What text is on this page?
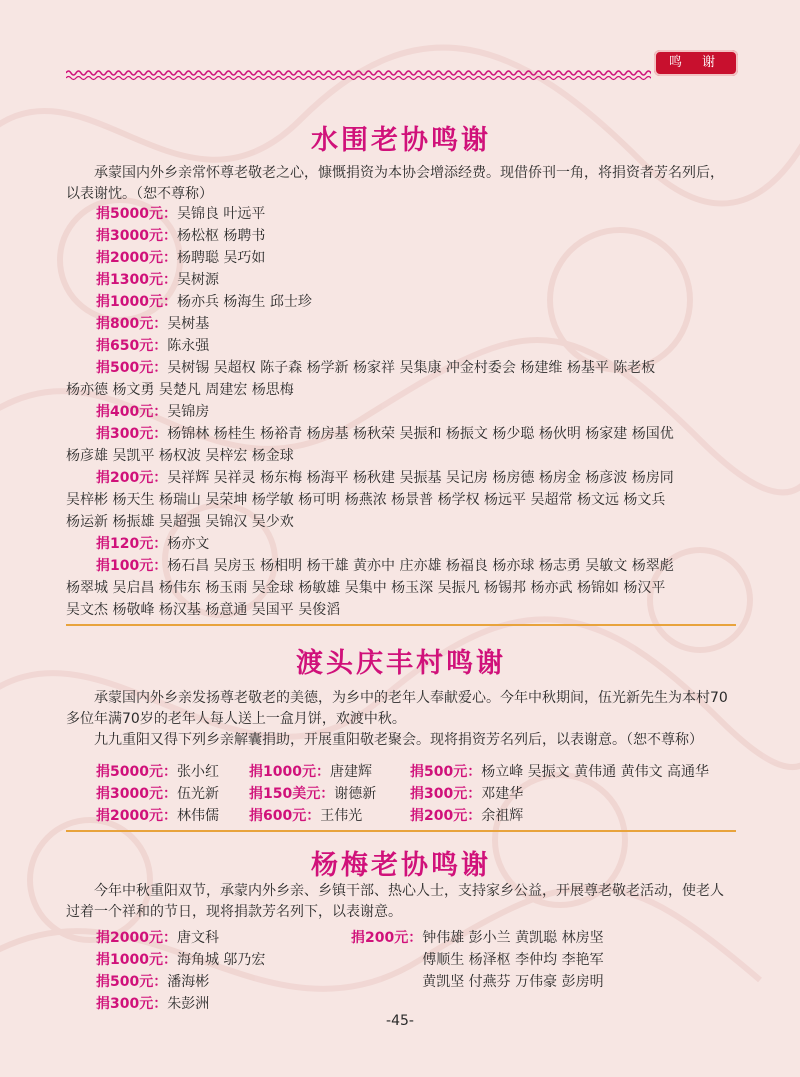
鸣 谢
水围老协鸣谢
承蒙国内外乡亲常怀尊老敬老之心，慷慨捐资为本协会增添经费。现借侨刊一角，将捐资者芳名列后，以表谢忱。（恕不尊称）
捐5000元：吴锦良 叶远平
捐3000元：杨松枢 杨聘书
捐2000元：杨聘聪 吴巧如
捐1300元：吴树源
捐1000元：杨亦兵 杨海生 邱士珍
捐800元：吴树基
捐650元：陈永强
捐500元：吴树锡 吴超权 陈子森 杨学新 杨家祥 吴集康 冲金村委会 杨建维 杨基平 陈老板
杨亦德 杨文勇 吴楚凡 周建宏 杨思梅
捐400元：吴锦房
捐300元：杨锦林 杨桂生 杨裕青 杨房基 杨秋荣 吴振和 杨振文 杨少聪 杨伙明 杨家建 杨国优
杨彦雄 吴凯平 杨权波 吴梓宏 杨金球
捐200元：吴祥辉 吴祥灵 杨东梅 杨海平 杨秋建 吴振基 吴记房 杨房德 杨房金 杨彦波 杨房同
吴梓彬 杨天生 杨瑞山 吴荣坤 杨学敏 杨可明 杨燕浓 杨景普 杨学权 杨远平 吴超常 杨文远 杨文兵
杨运新 杨振雄 吴超强 吴锦汉 吴少欢
捐120元：杨亦文
捐100元：杨石昌 吴房玉 杨相明 杨干雄 黄亦中 庄亦雄 杨福良 杨亦球 杨志勇 吴敏文 杨翠彪
杨翠城 吴启昌 杨伟东 杨玉雨 吴金球 杨敏雄 吴集中 杨玉深 吴振凡 杨锡邦 杨亦武 杨锦如 杨汉平
吴文杰 杨敬峰 杨汉基 杨意通 吴国平 吴俊滔
渡头庆丰村鸣谢
承蒙国内外乡亲发扬尊老敬老的美德，为乡中的老年人奉献爱心。今年中秋期间，伍光新先生为本村70多位年满70岁的老年人每人送上一盒月饼，欢渡中秋。
九九重阳又得下列乡亲解囊捐助，开展重阳敬老聚会。现将捐资芳名列后，以表谢意。（恕不尊称）
捐5000元：张小红
捐3000元：伍光新
捐2000元：林伟儒
捐1000元：唐建辉
捐150美元：谢德新
捐600元：王伟光
捐500元：杨立峰 吴振文 黄伟通 黄伟文 高通华
捐300元：邓建华
捐200元：余祖辉
杨梅老协鸣谢
今年中秋重阳双节，承蒙内外乡亲、乡镇干部、热心人士，支持家乡公益，开展尊老敬老活动，使老人过着一个祥和的节日，现将捐款芳名列下，以表谢意。
捐2000元：唐文科
捐1000元：海角城 邬乃宏
捐500元：潘海彬
捐300元：朱彭洲
捐200元：钟伟雄 彭小兰 黄凯聪 林房坚
傅顺生 杨泽枢 李仲均 李艳军
黄凯坚 付燕芬 万伟豪 彭房明
-45-
